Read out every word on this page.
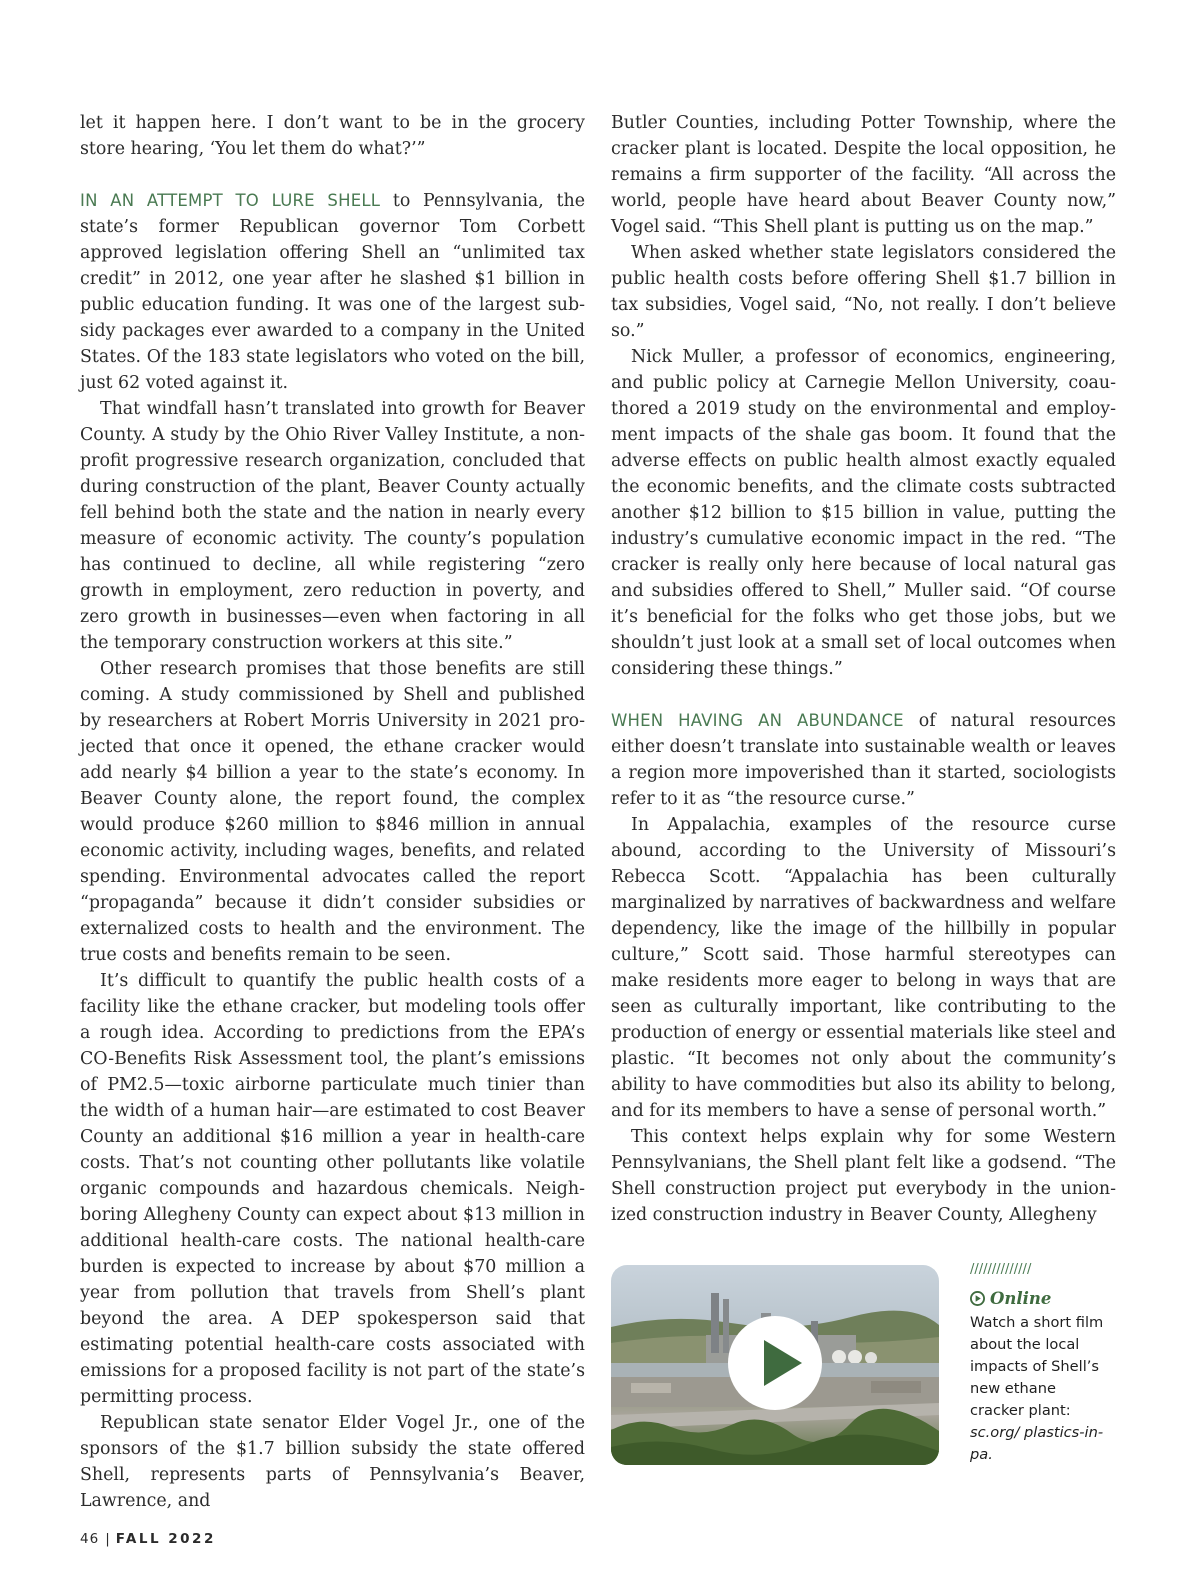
let it happen here. I don’t want to be in the grocery store hearing, ‘You let them do what?’”

IN AN ATTEMPT TO LURE SHELL to Pennsylvania, the state’s former Republican governor Tom Corbett approved legislation offering Shell an “unlimited tax credit” in 2012, one year after he slashed $1 billion in public education funding. It was one of the largest subsidy packages ever awarded to a company in the United States. Of the 183 state legislators who voted on the bill, just 62 voted against it.

That windfall hasn’t translated into growth for Beaver County. A study by the Ohio River Valley Institute, a nonprofit progressive research organization, concluded that during construction of the plant, Beaver County actually fell behind both the state and the nation in nearly every measure of economic activity. The county’s population has continued to decline, all while registering “zero growth in employment, zero reduction in poverty, and zero growth in businesses—even when factoring in all the temporary construction workers at this site.”

Other research promises that those benefits are still coming. A study commissioned by Shell and published by researchers at Robert Morris University in 2021 projected that once it opened, the ethane cracker would add nearly $4 billion a year to the state’s economy. In Beaver County alone, the report found, the complex would produce $260 million to $846 million in annual economic activity, including wages, benefits, and related spending. Environmental advocates called the report “propaganda” because it didn’t consider subsidies or externalized costs to health and the environment. The true costs and benefits remain to be seen.

It’s difficult to quantify the public health costs of a facility like the ethane cracker, but modeling tools offer a rough idea. According to predictions from the EPA’s CO-Benefits Risk Assessment tool, the plant’s emissions of PM2.5—toxic airborne particulate much tinier than the width of a human hair—are estimated to cost Beaver County an additional $16 million a year in health-care costs. That’s not counting other pollutants like volatile organic compounds and hazardous chemicals. Neighboring Allegheny County can expect about $13 million in additional health-care costs. The national health-care burden is expected to increase by about $70 million a year from pollution that travels from Shell’s plant beyond the area. A DEP spokesperson said that estimating potential health-care costs associated with emissions for a proposed facility is not part of the state’s permitting process.

Republican state senator Elder Vogel Jr., one of the sponsors of the $1.7 billion subsidy the state offered Shell, represents parts of Pennsylvania’s Beaver, Lawrence, and

Butler Counties, including Potter Township, where the cracker plant is located. Despite the local opposition, he remains a firm supporter of the facility. “All across the world, people have heard about Beaver County now,” Vogel said. “This Shell plant is putting us on the map.”

When asked whether state legislators considered the public health costs before offering Shell $1.7 billion in tax subsidies, Vogel said, “No, not really. I don’t believe so.”

Nick Muller, a professor of economics, engineering, and public policy at Carnegie Mellon University, coauthored a 2019 study on the environmental and employment impacts of the shale gas boom. It found that the adverse effects on public health almost exactly equaled the economic benefits, and the climate costs subtracted another $12 billion to $15 billion in value, putting the industry’s cumulative economic impact in the red. “The cracker is really only here because of local natural gas and subsidies offered to Shell,” Muller said. “Of course it’s beneficial for the folks who get those jobs, but we shouldn’t just look at a small set of local outcomes when considering these things.”

WHEN HAVING AN ABUNDANCE of natural resources either doesn’t translate into sustainable wealth or leaves a region more impoverished than it started, sociologists refer to it as “the resource curse.”

In Appalachia, examples of the resource curse abound, according to the University of Missouri’s Rebecca Scott. “Appalachia has been culturally marginalized by narratives of backwardness and welfare dependency, like the image of the hillbilly in popular culture,” Scott said. Those harmful stereotypes can make residents more eager to belong in ways that are seen as culturally important, like contributing to the production of energy or essential materials like steel and plastic. “It becomes not only about the community’s ability to have commodities but also its ability to belong, and for its members to have a sense of personal worth.”

This context helps explain why for some Western Pennsylvanians, the Shell plant felt like a godsend. “The Shell construction project put everybody in the unionized construction industry in Beaver County, Allegheny

//////////////
Online
Watch a short film about the local impacts of Shell’s new ethane cracker plant: sc.org/ plastics-in-pa.
46 | FALL 2022
